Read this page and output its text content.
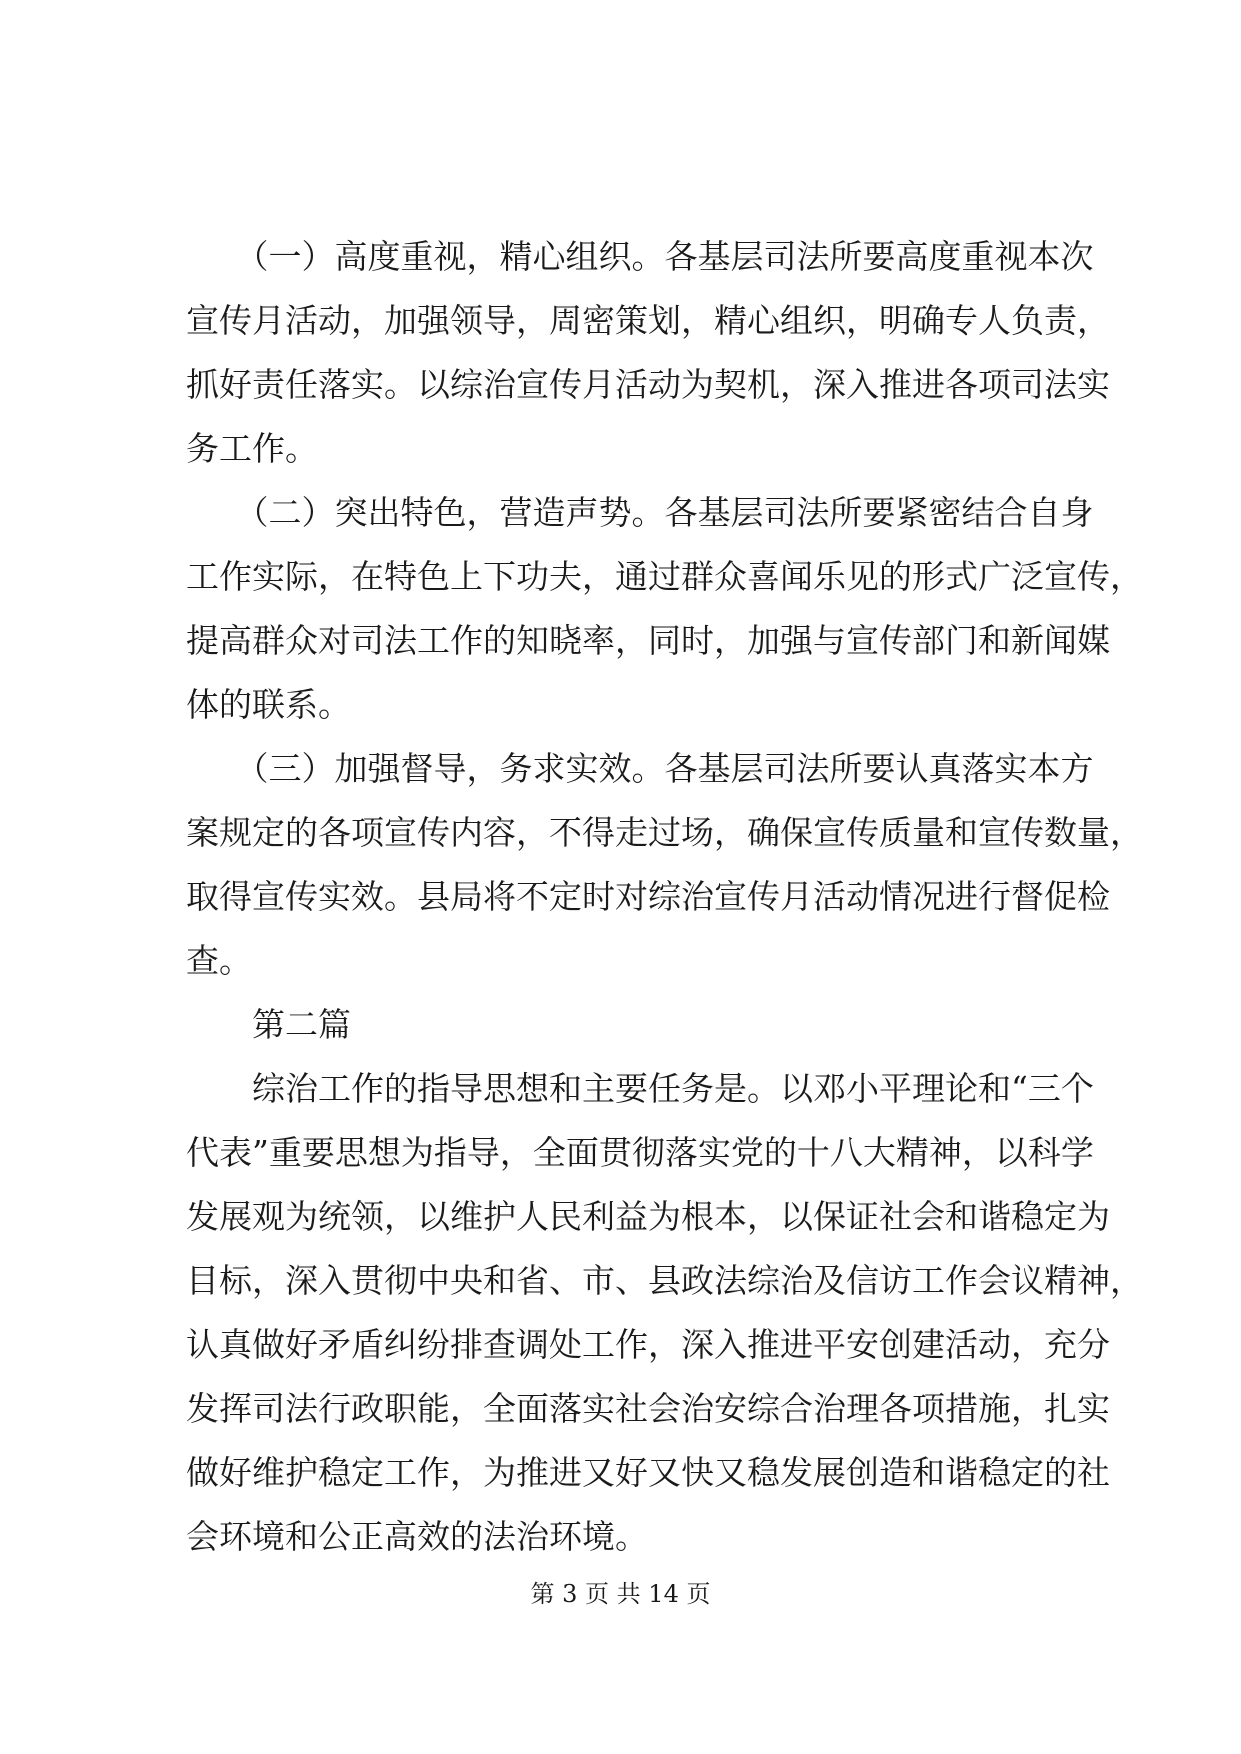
　　（一）高度重视，精心组织。各基层司法所要高度重视本次
宣传月活动，加强领导，周密策划，精心组织，明确专人负责，
抓好责任落实。以综治宣传月活动为契机，深入推进各项司法实
务工作。
　　（二）突出特色，营造声势。各基层司法所要紧密结合自身
工作实际，在特色上下功夫，通过群众喜闻乐见的形式广泛宣传，
提高群众对司法工作的知晓率，同时，加强与宣传部门和新闻媒
体的联系。
　　（三）加强督导，务求实效。各基层司法所要认真落实本方
案规定的各项宣传内容，不得走过场，确保宣传质量和宣传数量，
取得宣传实效。县局将不定时对综治宣传月活动情况进行督促检
查。
　　第二篇
　　综治工作的指导思想和主要任务是。以邓小平理论和“三个
代表”重要思想为指导，全面贯彻落实党的十八大精神，以科学
发展观为统领，以维护人民利益为根本，以保证社会和谐稳定为
目标，深入贯彻中央和省、市、县政法综治及信访工作会议精神，
认真做好矛盾纠纷排查调处工作，深入推进平安创建活动，充分
发挥司法行政职能，全面落实社会治安综合治理各项措施，扎实
做好维护稳定工作，为推进又好又快又稳发展创造和谐稳定的社
会环境和公正高效的法治环境。
第 3 页 共 14 页
